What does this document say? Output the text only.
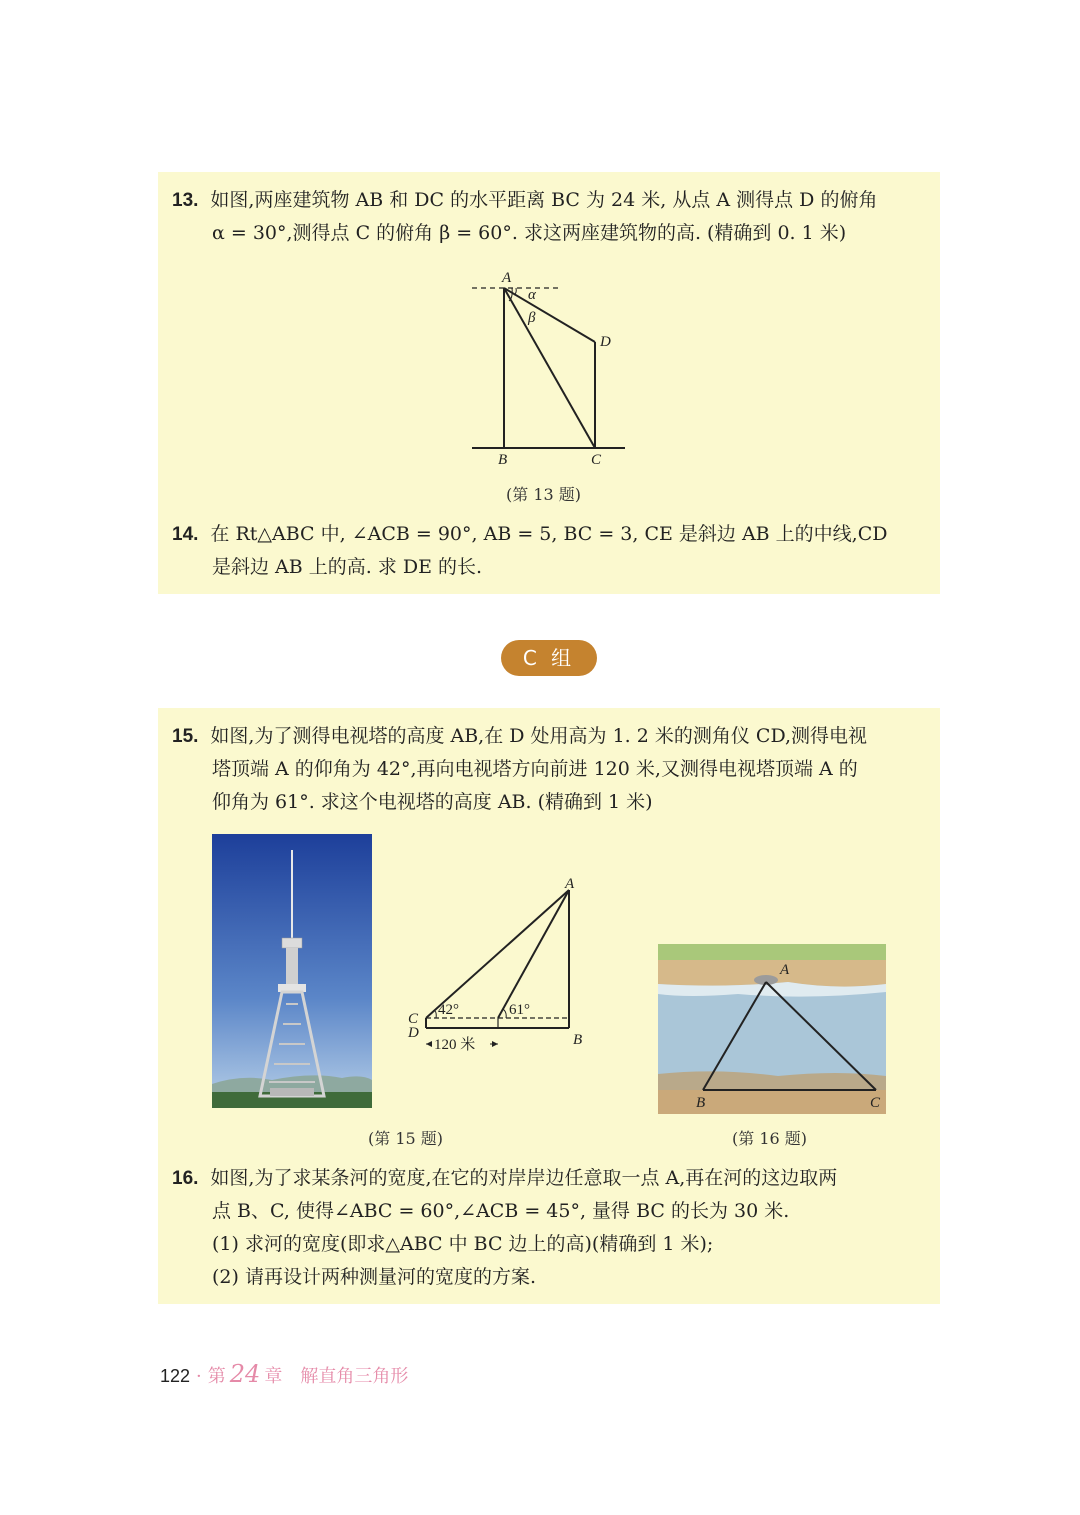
13. 如图,两座建筑物 AB 和 DC 的水平距离 BC 为 24 米, 从点 A 测得点 D 的俯角
α = 30°,测得点 C 的俯角 β = 60°. 求这两座建筑物的高. (精确到 0. 1 米)
A
α
β
D
B	C
(第 13 题)
14. 在 Rt△ABC 中, ∠ACB = 90°, AB = 5, BC = 3, CE 是斜边 AB 上的中线,CD
是斜边 AB 上的高. 求 DE 的长.
C 组
15. 如图,为了测得电视塔的高度 AB,在 D 处用高为 1. 2 米的测角仪 CD,测得电视
塔顶端 A 的仰角为 42°,再向电视塔方向前进 120 米,又测得电视塔顶端 A 的
仰角为 61°. 求这个电视塔的高度 AB. (精确到 1 米)
42°	61°
A
B
C
D
120 米
(第 15 题)
A
B	C
(第 16 题)
16. 如图,为了求某条河的宽度,在它的对岸岸边任意取一点 A,再在河的这边取两
点 B、C, 使得∠ABC = 60°,∠ACB = 45°, 量得 BC 的长为 30 米.
(1) 求河的宽度(即求△ABC 中 BC 边上的高)(精确到 1 米);
(2) 请再设计两种测量河的宽度的方案.
122 · 第 24 章 解直角三角形
